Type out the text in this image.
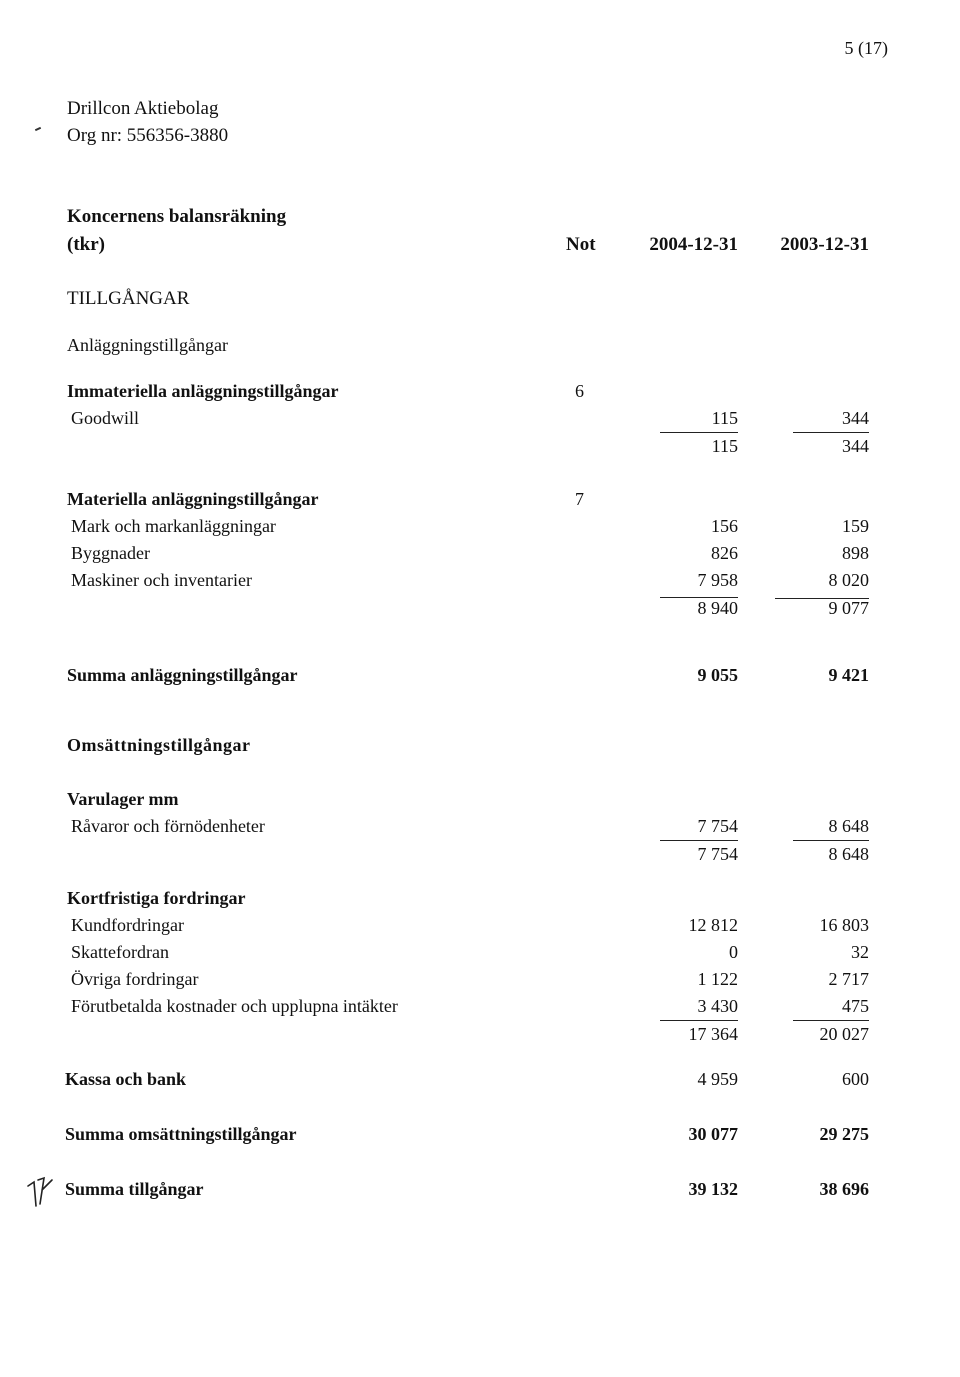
5 (17)
Drillcon Aktiebolag
Org nr: 556356-3880
Koncernens balansräkning
(tkr)	Not	2004-12-31 2003-12-31
TILLGÅNGAR
Anläggningstillgångar
Immateriella anläggningstillgångar	6
Goodwill	115	344
115	344
Materiella anläggningstillgångar	7
Mark och markanläggningar	156	159
Byggnader	826	898
Maskiner och inventarier	7 958	8 020
8 940	9 077
Summa anläggningstillgångar	9 055	9 421
Omsättningstillgångar
Varulager mm
Råvaror och förnödenheter	7 754	8 648
7 754	8 648
Kortfristiga fordringar
Kundfordringar	12 812	16 803
Skattefordran	0	32
Övriga fordringar	1 122	2 717
Förutbetalda kostnader och upplupna intäkter	3 430	475
17 364	20 027
Kassa och bank	4 959	600
Summa omsättningstillgångar	30 077	29 275
Summa tillgångar	39 132	38 696
